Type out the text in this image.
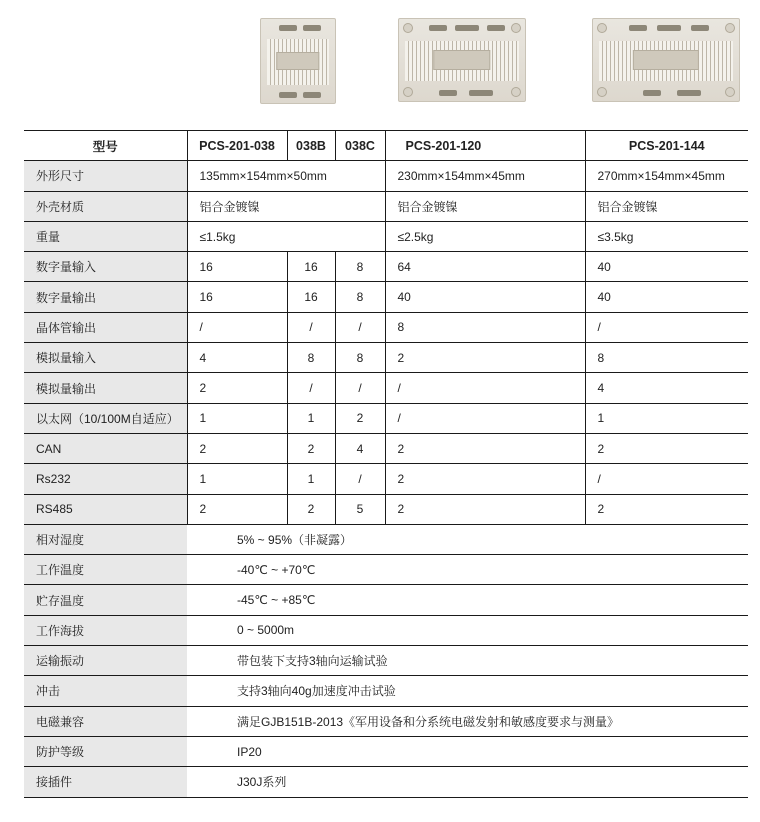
型号	PCS-201-038	038B	038C	PCS-201-120	PCS-201-144
外形尺寸	135mm×154mm×50mm			230mm×154mm×45mm	270mm×154mm×45mm
外壳材质	铝合金镀镍			铝合金镀镍	铝合金镀镍
重量	≤1.5kg			≤2.5kg	≤3.5kg
数字量输入	16	16	8	64	40
数字量输出	16	16	8	40	40
晶体管输出	/	/	/	8	/
模拟量输入	4	8	8	2	8
模拟量输出	2	/	/	/	4
以太网（10/100M自适应）	1	1	2	/	1
CAN	2	2	4	2	2
Rs232	1	1	/	2	/
RS485	2	2	5	2	2
相对湿度	5% ~ 95%（非凝露）				
工作温度	-40℃ ~ +70℃				
贮存温度	-45℃ ~ +85℃				
工作海拔	0 ~ 5000m				
运输振动	带包装下支持3轴向运输试验				
冲击	支持3轴向40g加速度冲击试验				
电磁兼容	满足GJB151B-2013《军用设备和分系统电磁发射和敏感度要求与测量》				
防护等级	IP20				
接插件	J30J系列				
